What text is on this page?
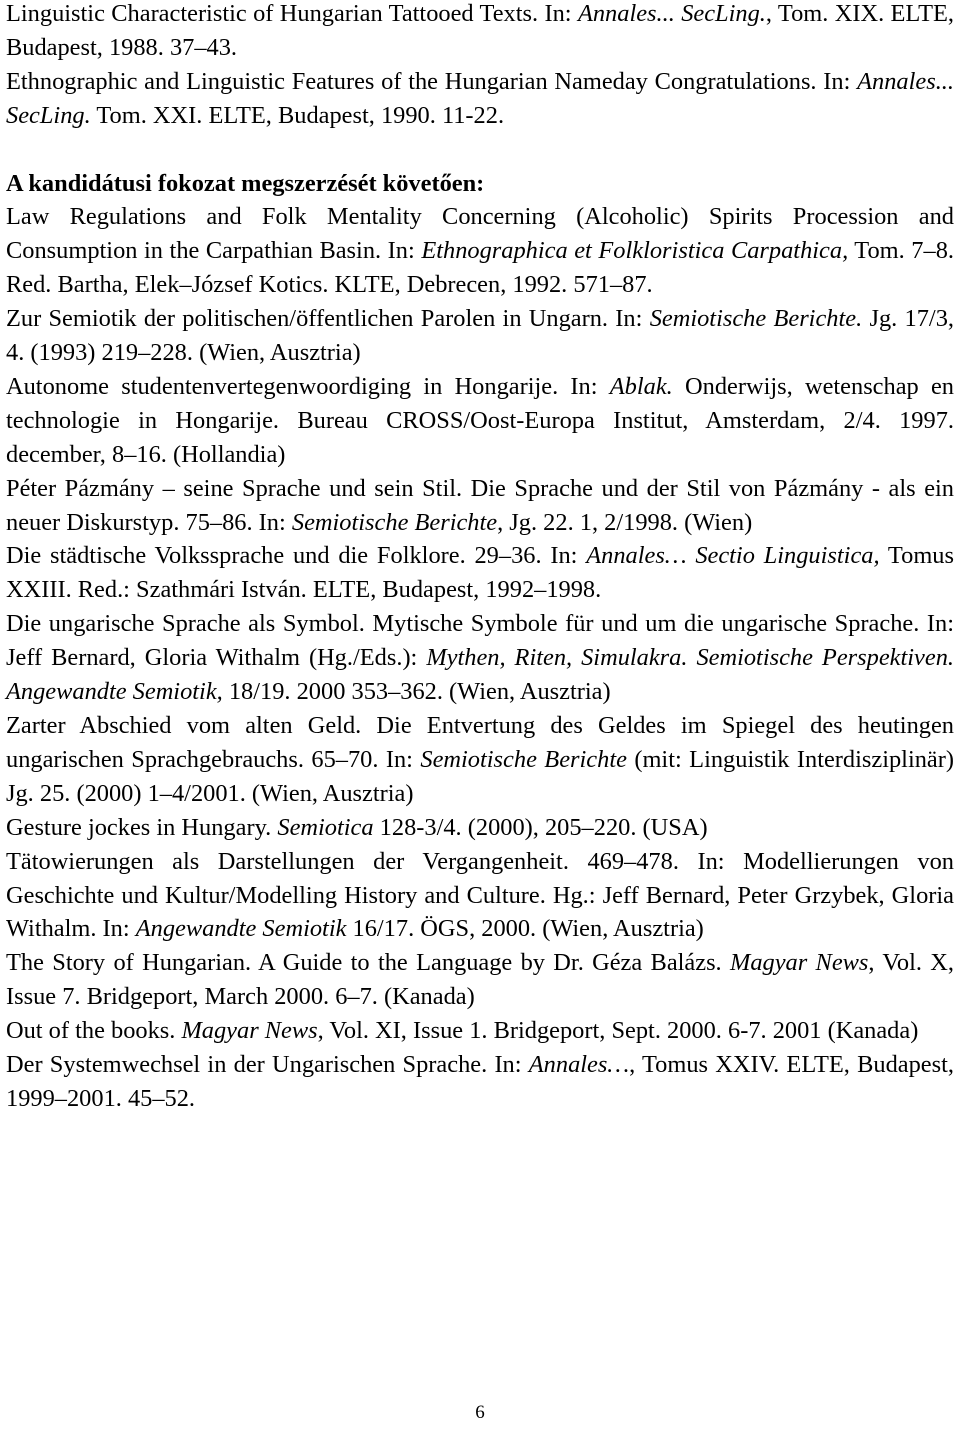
Linguistic Characteristic of Hungarian Tattooed Texts. In: Annales... SecLing., Tom. XIX. ELTE, Budapest, 1988. 37–43.

Ethnographic and Linguistic Features of the Hungarian Nameday Congratulations. In: Annales... SecLing. Tom. XXI. ELTE, Budapest, 1990. 11-22.

A kandidátusi fokozat megszerzését követően:

Law Regulations and Folk Mentality Concerning (Alcoholic) Spirits Procession and Consumption in the Carpathian Basin. In: Ethnographica et Folkloristica Carpathica, Tom. 7–8. Red. Bartha, Elek–József Kotics. KLTE, Debrecen, 1992. 571–87.

Zur Semiotik der politischen/öffentlichen Parolen in Ungarn. In: Semiotische Berichte. Jg. 17/3, 4. (1993) 219–228. (Wien, Ausztria)

Autonome studentenvertegenwoordiging in Hongarije. In: Ablak. Onderwijs, wetenschap en technologie in Hongarije. Bureau CROSS/Oost-Europa Institut, Amsterdam, 2/4. 1997. december, 8–16. (Hollandia)

Péter Pázmány – seine Sprache und sein Stil. Die Sprache und der Stil von Pázmány - als ein neuer Diskurstyp. 75–86. In: Semiotische Berichte, Jg. 22. 1, 2/1998. (Wien)

Die städtische Volkssprache und die Folklore. 29–36. In: Annales… Sectio Linguistica, Tomus XXIII. Red.: Szathmári István. ELTE, Budapest, 1992–1998.

Die ungarische Sprache als Symbol. Mytische Symbole für und um die ungarische Sprache. In: Jeff Bernard, Gloria Withalm (Hg./Eds.): Mythen, Riten, Simulakra. Semiotische Perspektiven. Angewandte Semiotik, 18/19. 2000 353–362. (Wien, Ausztria)

Zarter Abschied vom alten Geld. Die Entvertung des Geldes im Spiegel des heutingen ungarischen Sprachgebrauchs. 65–70. In: Semiotische Berichte (mit: Linguistik Interdisziplinär) Jg. 25. (2000) 1–4/2001. (Wien, Ausztria)

Gesture jockes in Hungary. Semiotica 128-3/4. (2000), 205–220. (USA)

Tätowierungen als Darstellungen der Vergangenheit. 469–478. In: Modellierungen von Geschichte und Kultur/Modelling History and Culture. Hg.: Jeff Bernard, Peter Grzybek, Gloria Withalm. In: Angewandte Semiotik 16/17. ÖGS, 2000. (Wien, Ausztria)

The Story of Hungarian. A Guide to the Language by Dr. Géza Balázs. Magyar News, Vol. X, Issue 7. Bridgeport, March 2000. 6–7. (Kanada)

Out of the books. Magyar News, Vol. XI, Issue 1. Bridgeport, Sept. 2000. 6-7. 2001 (Kanada)

Der Systemwechsel in der Ungarischen Sprache. In: Annales…, Tomus XXIV. ELTE, Budapest, 1999–2001. 45–52.

6
